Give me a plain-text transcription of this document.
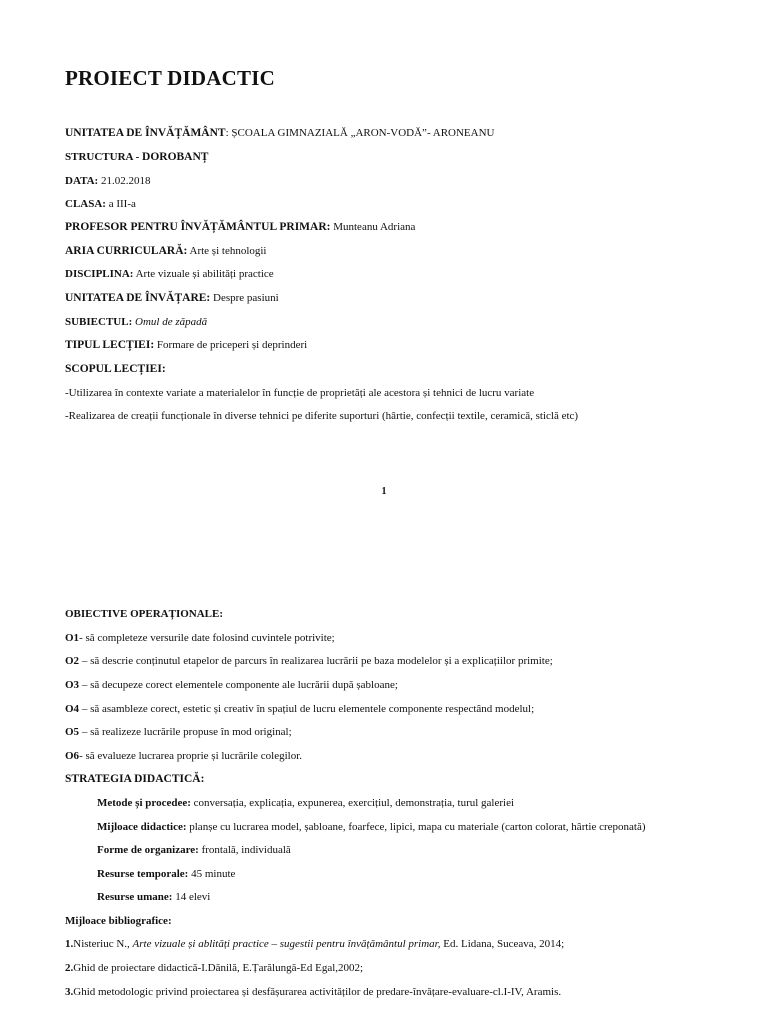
PROIECT DIDACTIC
UNITATEA DE ÎNVĂȚĂMÂNT: ȘCOALA GIMNAZIALĂ „ARON-VODĂ”- ARONEANU
STRUCTURA - DOROBANȚ
DATA: 21.02.2018
CLASA: a III-a
PROFESOR PENTRU ÎNVĂȚĂMÂNTUL PRIMAR: Munteanu Adriana
ARIA CURRICULARĂ: Arte și tehnologii
DISCIPLINA: Arte vizuale și abilități practice
UNITATEA DE ÎNVĂȚARE: Despre pasiuni
SUBIECTUL: Omul de zăpadă
TIPUL LECȚIEI: Formare de priceperi și deprinderi
SCOPUL LECȚIEI:
-Utilizarea în contexte variate a materialelor în funcție de proprietăți ale acestora și tehnici de lucru variate
-Realizarea de creații funcționale în diverse tehnici pe diferite suporturi (hârtie, confecții textile, ceramică, sticlă etc)
1
OBIECTIVE OPERAȚIONALE:
O1- să completeze versurile date folosind cuvintele potrivite;
O2 – să descrie conținutul etapelor de parcurs în realizarea lucrării pe baza modelelor și a explicațiilor primite;
O3 – să decupeze corect elementele componente ale lucrării după șabloane;
O4 – să asambleze corect, estetic și creativ în spațiul de lucru elementele componente respectând modelul;
O5 – să realizeze lucrările propuse în mod original;
O6- să evalueze lucrarea proprie și lucrările colegilor.
STRATEGIA DIDACTICĂ:
Metode și procedee: conversația, explicația, expunerea, exercițiul, demonstrația, turul galeriei
Mijloace didactice: planșe cu lucrarea model, șabloane, foarfece, lipici, mapa cu materiale (carton colorat, hârtie creponată)
Forme de organizare: frontală, individuală
Resurse temporale: 45 minute
Resurse umane: 14 elevi
Mijloace bibliografice:
1.Nisteriuc N., Arte vizuale și ablități practice – sugestii pentru învățământul primar, Ed. Lidana, Suceava, 2014;
2.Ghid de proiectare didactică-I.Dănilă, E.Țarălungă-Ed Egal,2002;
3.Ghid metodologic privind proiectarea și desfășurarea activităților de predare-învățare-evaluare-cl.I-IV, Aramis.
